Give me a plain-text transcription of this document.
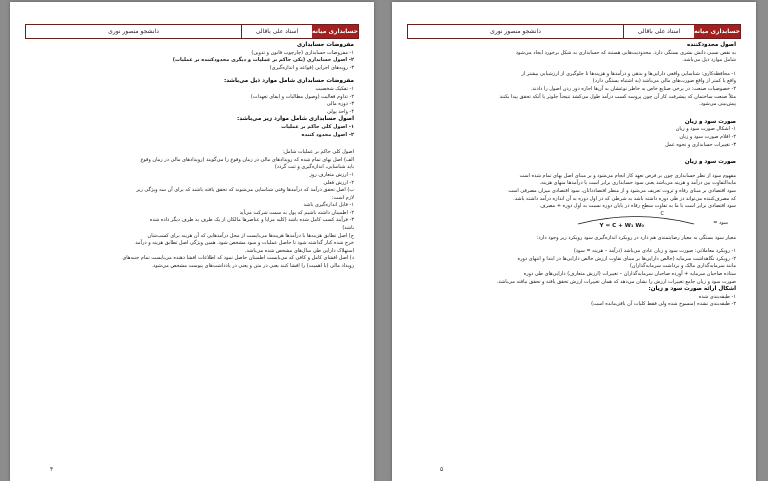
دانشجو منصور نوری	استاد علی باقالی	حسابداری میانه

مفروضات حسابداری

۱- مفروضات حسابداری (چارچوب قانون و تدوین)

۲- اصول حسابداری (یکی حاکم بر عملیات و دیگری محدودکننده بر عملیات)

۳- رویه‌های اجرایی (قواعد و اندازه‌گیری)

مفروضات حسابداری شامل موارد ذیل می‌باشد:

۱- تفکیک شخصیت

۲- تداوم فعالیت (وصول مطالبات و ایفای تعهدات)

۳- دوره مالی

۴- واحد پولی

اصول حسابداری شامل موارد زیر می‌باشد:

۱- اصول کلی حاکم بر عملیات

۲- اصول محدود کننده

اصول کلی حاکم بر عملیات شامل:

الف) اصل بهای تمام شده که رویدادهای مالی در زمان وقوع را می‌گویند (رویدادهای مالی در زمان وقوع

باید شناسایی، اندازه‌گیری و ثبت گردد)

۱- ارزش متعارف روز

۲- ارزش فعلی

ب) اصل تحقق درآمد که درآمدها وقتی شناسایی می‌شوند که تحقق یافته باشند که برای آن سه ویژگی زیر

لازم است:

۱- قابل اندازه‌گیری باشد

۲- اطمینان داشته باشیم که پول به سمت شرکت می‌آید

۳- فرآیند کسب کامل شده باشد (کلیه مزایا و عناصرها مالکان از یک طرف به طرف دیگر داده شده

باشد)

ج) اصل تطابق هزینه‌ها با درآمدها هزینه‌ها می‌بایست از محل درآمدهایی که آن هزینه برای کسب‌شان

خرج شده کنار گذاشته شود تا حاصل عملیات و سود مشخص شود. همین ویژگی اصل تطابق هزینه و درآمد

استهلاک دارایی طی سال‌های مشخص شده می‌باشد.

د) اصل افشای کامل و کافی که می‌بایست اطمینان حاصل نمود که اطلاعات افشا دهنده می‌بایست تمام جنبه‌های

رویداد مالی (با اهمیت) را افشا کنند یعنی در متن و یعنی در یادداشت‌های پیوست مشخص می‌شود.

۴
دانشجو منصور نوری	استاد علی باقالی	حسابداری میانه

اصول محدودکننده

به نقص نسبی دانش بشری بستگی دارد. محدودیت‌هایی هستند که حسابداری به شکل برخورد ایجاد می‌شود

شامل موارد ذیل می‌باشد.

۱- محافظه‌کاری: شناسایی واقعی دارایی‌ها و بدهی و درآمدها و هزینه‌ها تا جلوگیری از ارزشیابی بیشتر از

واقع یا کمتر از واقع صورت‌های مالی می‌باشد (به اشتباه بستگی دارد)

۲- خصوصیات صنعت: در برخی صنایع خاص به خاطر نوعشان به آن‌ها اجازه دور زدن اصول را دادند.

مثلاً صنعت ساختمان که پیشرفت کار آن چون پروسه کسب درآمد طول می‌کشد نتیجتاً جلوتر یا آنکه تحقق پیدا بکنند

پیش‌بینی می‌شود.

صورت سود و زیان

۱- اشکال صورت سود و زیان

۲- اقلام صورت سود و زیان

۳- تغییرات حسابداری و نحوه عمل

صورت سود و زیان

مفهوم سود از نظر حسابداری چون بر فرض تعهد کار انجام می‌شود و بر مبنای اصل بهای تمام شده است

مابه‌التفاوت بین درآمد و هزینه می‌باشد یعنی سود حسابداری برابر است با درآمدها منهای هزینه.

سود اقتصادی بر مبنای رفاه و ثروت تعریف می‌شود و از منظر اقتصاددانان، سود اقتصادی میزان مصرفی است

که مصرف‌کننده می‌تواند در طی دوره داشته باشد به شرطی که در اول دوره به آن اندازه درآمد داشته باشد.

سود اقتصادی برابر است با ما به تفاوت سطح رفاه در پایان دوره نسبت به اول دوره + مصرف

سود =
C
Y = C + W₁ W₀

معیار سود بستگی به معیار رضایتمندی هم دارد در رویکرد اندازه‌گیری سود رویکرد زیر وجود دارد:

۱- رویکرد معاملاتی: صورت سود و زیان عادی می‌باشد (درآمد – هزینه = سود)

۲- رویکرد نگاهداشت سرمایه (خالص دارایی‌ها بر مبنای تفاوت ارزش خالص دارایی‌ها در ابتدا و انتهای دوره

مانند سرمایه‌گذاری مالک و برداشت سرمایه‌گذاران)

ستاده صاحبان سرمایه + آورده صاحبان سرمایه‌گذاران – تغییرات (ارزش متعارف) دارایی‌های طی دوره

صورت سود و زیان جامع تغییرات ارزش را نشان می‌دهد که همان تغییرات ارزش تحقق یافته و تحقق نیافته می‌باشد.

اشکال ارائه صورت سود و زیان:

۱- طبقه‌بندی شده

۲- طبقه‌بندی نشده (منسوخ شده ولی فقط کلیات آن باقی‌مانده است)

۵
